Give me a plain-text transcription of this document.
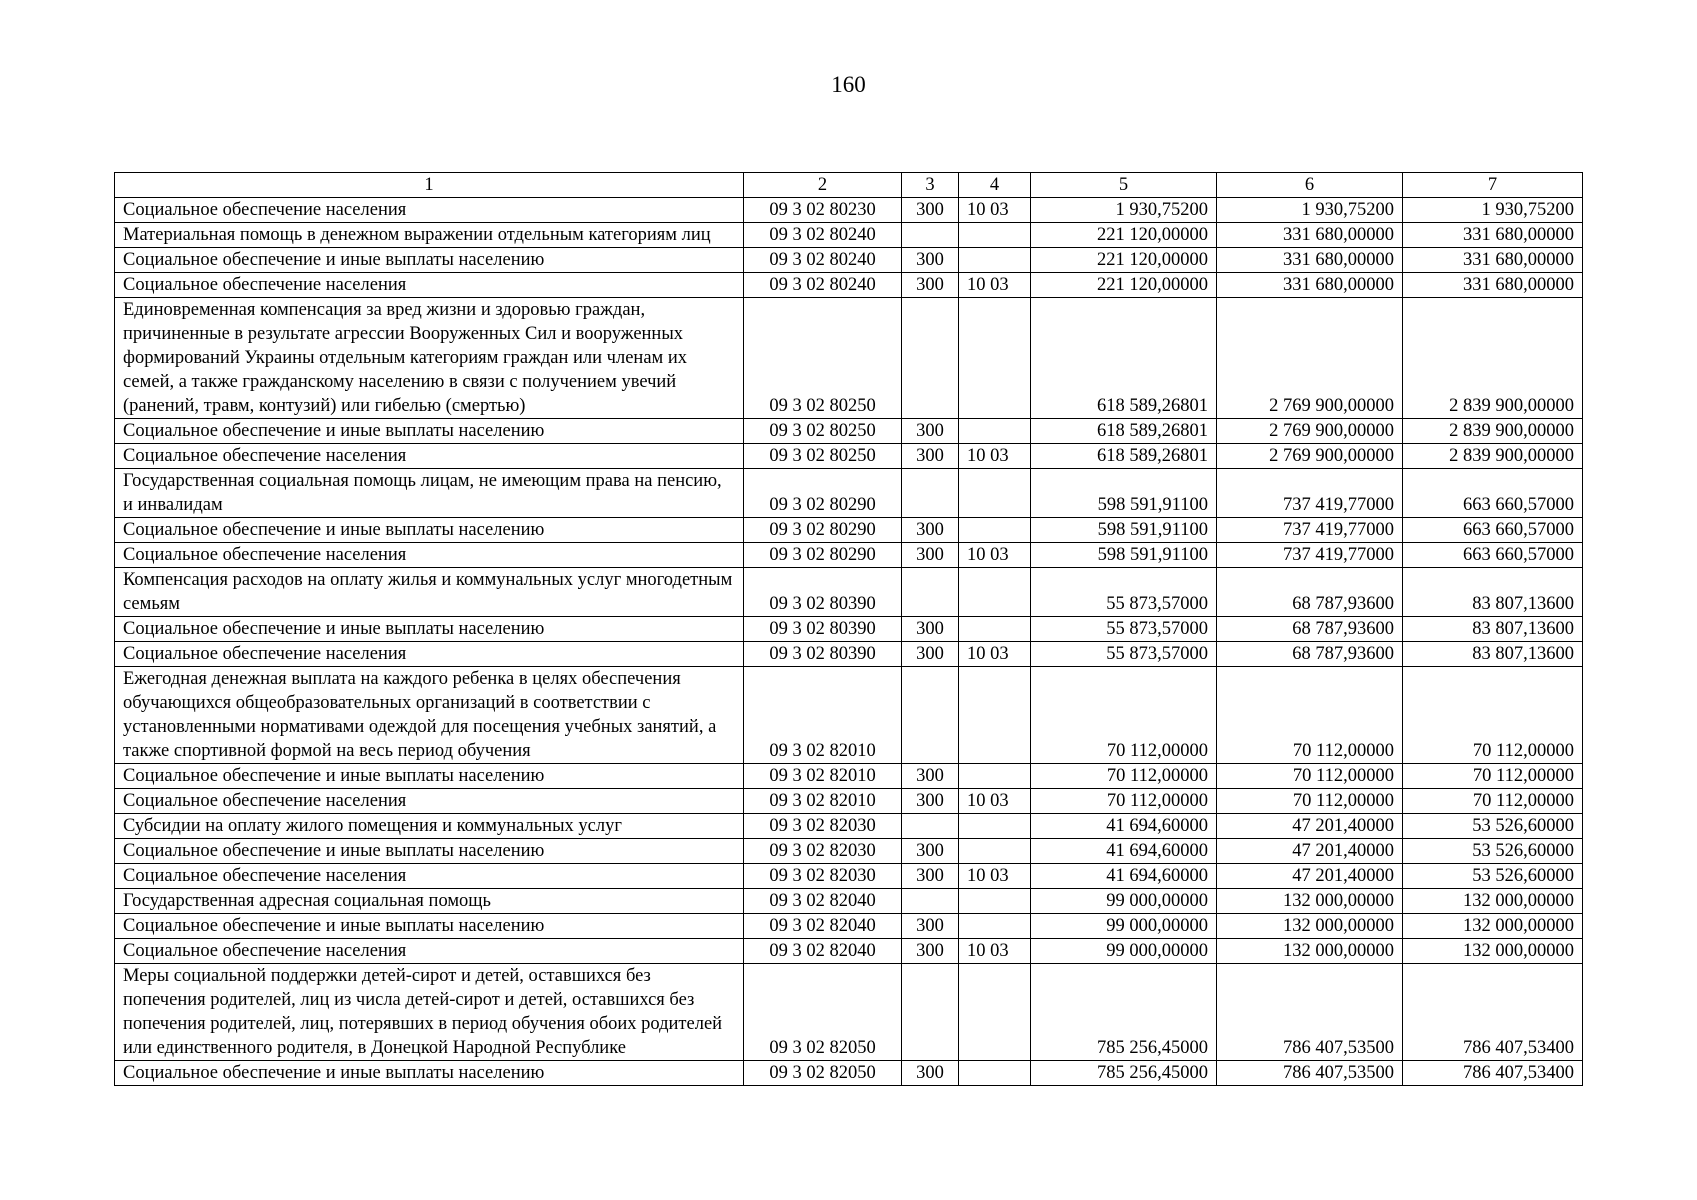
160
1	2	3	4	5	6	7
Социальное обеспечение населения	09 3 02 80230	300	10 03	1 930,75200	1 930,75200	1 930,75200
Материальная помощь в денежном выражении отдельным категориям лиц	09 3 02 80240			221 120,00000	331 680,00000	331 680,00000
Социальное обеспечение и иные выплаты населению	09 3 02 80240	300		221 120,00000	331 680,00000	331 680,00000
Социальное обеспечение населения	09 3 02 80240	300	10 03	221 120,00000	331 680,00000	331 680,00000
Единовременная компенсация за вред жизни и здоровью граждан, причиненные в результате агрессии Вооруженных Сил и вооруженных формирований Украины отдельным категориям граждан или членам их семей, а также гражданскому населению в связи с получением увечий (ранений, травм, контузий) или гибелью (смертью)	09 3 02 80250			618 589,26801	2 769 900,00000	2 839 900,00000
Социальное обеспечение и иные выплаты населению	09 3 02 80250	300		618 589,26801	2 769 900,00000	2 839 900,00000
Социальное обеспечение населения	09 3 02 80250	300	10 03	618 589,26801	2 769 900,00000	2 839 900,00000
Государственная социальная помощь лицам, не имеющим права на пенсию, и инвалидам	09 3 02 80290			598 591,91100	737 419,77000	663 660,57000
Социальное обеспечение и иные выплаты населению	09 3 02 80290	300		598 591,91100	737 419,77000	663 660,57000
Социальное обеспечение населения	09 3 02 80290	300	10 03	598 591,91100	737 419,77000	663 660,57000
Компенсация расходов на оплату жилья и коммунальных услуг многодетным семьям	09 3 02 80390			55 873,57000	68 787,93600	83 807,13600
Социальное обеспечение и иные выплаты населению	09 3 02 80390	300		55 873,57000	68 787,93600	83 807,13600
Социальное обеспечение населения	09 3 02 80390	300	10 03	55 873,57000	68 787,93600	83 807,13600
Ежегодная денежная выплата на каждого ребенка в целях обеспечения обучающихся общеобразовательных организаций в соответствии с установленными нормативами одеждой для посещения учебных занятий, а также спортивной формой на весь период обучения	09 3 02 82010			70 112,00000	70 112,00000	70 112,00000
Социальное обеспечение и иные выплаты населению	09 3 02 82010	300		70 112,00000	70 112,00000	70 112,00000
Социальное обеспечение населения	09 3 02 82010	300	10 03	70 112,00000	70 112,00000	70 112,00000
Субсидии на оплату жилого помещения и коммунальных услуг	09 3 02 82030			41 694,60000	47 201,40000	53 526,60000
Социальное обеспечение и иные выплаты населению	09 3 02 82030	300		41 694,60000	47 201,40000	53 526,60000
Социальное обеспечение населения	09 3 02 82030	300	10 03	41 694,60000	47 201,40000	53 526,60000
Государственная адресная социальная помощь	09 3 02 82040			99 000,00000	132 000,00000	132 000,00000
Социальное обеспечение и иные выплаты населению	09 3 02 82040	300		99 000,00000	132 000,00000	132 000,00000
Социальное обеспечение населения	09 3 02 82040	300	10 03	99 000,00000	132 000,00000	132 000,00000
Меры социальной поддержки детей-сирот и детей, оставшихся без попечения родителей, лиц из числа детей-сирот и детей, оставшихся без попечения родителей, лиц, потерявших в период обучения обоих родителей или единственного родителя, в Донецкой Народной Республике	09 3 02 82050			785 256,45000	786 407,53500	786 407,53400
Социальное обеспечение и иные выплаты населению	09 3 02 82050	300		785 256,45000	786 407,53500	786 407,53400
